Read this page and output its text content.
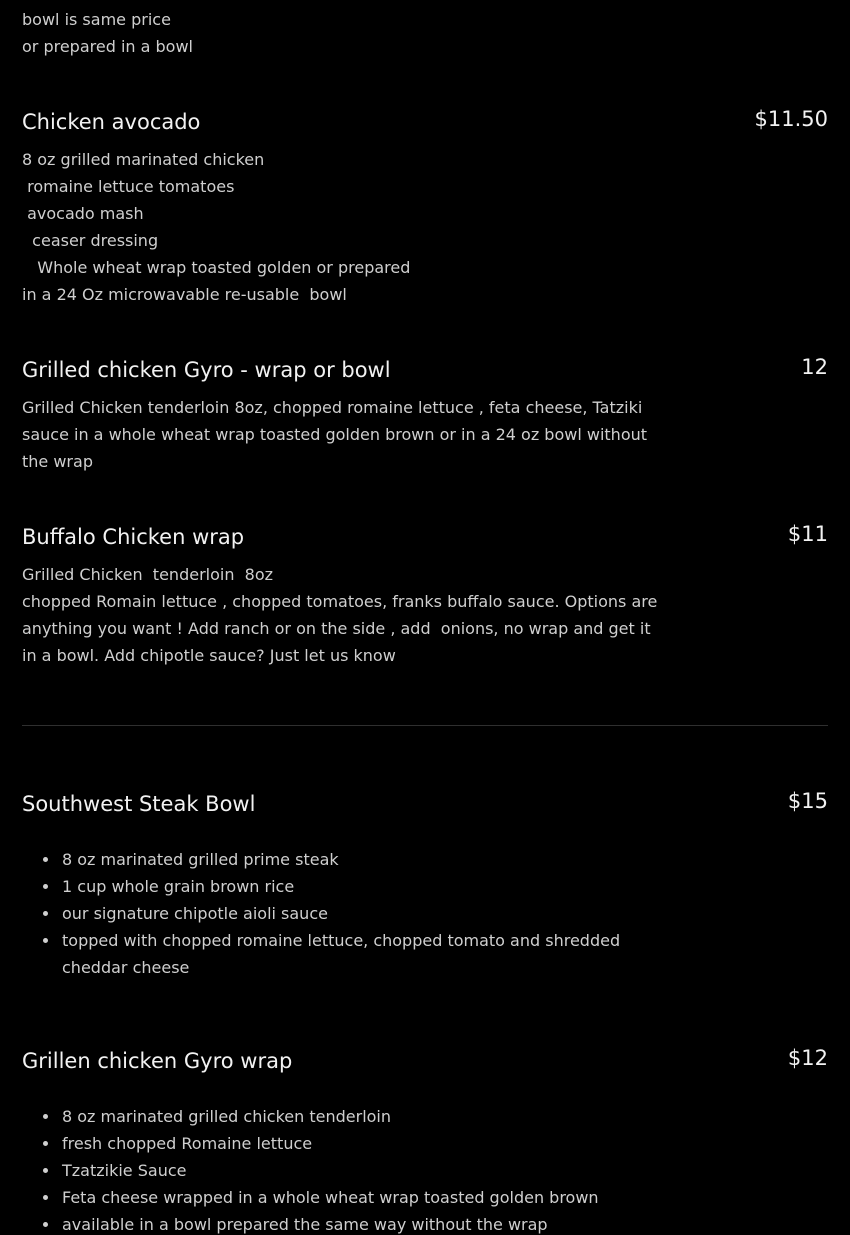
bowl is same price
or prepared in a bowl
Chicken avocado	$11.50
8 oz grilled marinated chicken
romaine lettuce tomatoes
avocado mash
ceaser dressing
Whole wheat wrap toasted golden or prepared
in a 24 Oz microwavable re-usable  bowl
Grilled chicken Gyro - wrap or bowl	12
Grilled Chicken tenderloin 8oz, chopped romaine lettuce , feta cheese, Tatziki
sauce in a whole wheat wrap toasted golden brown or in a 24 oz bowl without
the wrap
Buffalo Chicken wrap	$11
Grilled Chicken  tenderloin  8oz
chopped Romain lettuce , chopped tomatoes, franks buffalo sauce. Options are
anything you want ! Add ranch or on the side , add  onions, no wrap and get it
in a bowl. Add chipotle sauce? Just let us know
Southwest Steak Bowl	$15
8 oz marinated grilled prime steak
1 cup whole grain brown rice
our signature chipotle aioli sauce
topped with chopped romaine lettuce, chopped tomato and shredded cheddar cheese
Grillen chicken Gyro wrap	$12
8 oz marinated grilled chicken tenderloin
fresh chopped Romaine lettuce
Tzatzikie Sauce
Feta cheese wrapped in a whole wheat wrap toasted golden brown
available in a bowl prepared the same way without the wrap
